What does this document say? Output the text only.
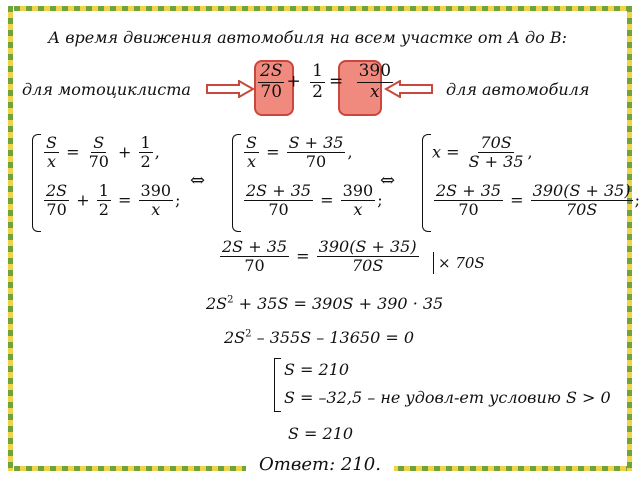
А время движения автомобиля на всем участке от А до В:
для мотоциклиста	$\frac{2S}{70} + \frac{1}{2} = \frac{390}{x}$	для автомобиля
$\frac{S}{x} = \frac{S}{70} + \frac{1}{2}$ ,
$\frac{2S}{70} + \frac{1}{2} = \frac{390}{x}$ ;
⇔
$\frac{S}{x} = \frac{S + 35}{70}$ ,
$\frac{2S + 35}{70} = \frac{390}{x}$ ;
⇔
$x = \frac{70S}{S + 35}$ ,
$\frac{2S + 35}{70} = \frac{390(S + 35)}{70S}$ ;
$\frac{2S + 35}{70} = \frac{390(S + 35)}{70S} \times 70S$
$2S^2 + 35S = 390S + 390 \cdot 35$
$2S^2 - 355S - 13650 = 0$
S = 210
S = –32,5 – не удовл-ет условию S > 0
S = 210
Ответ: 210.
